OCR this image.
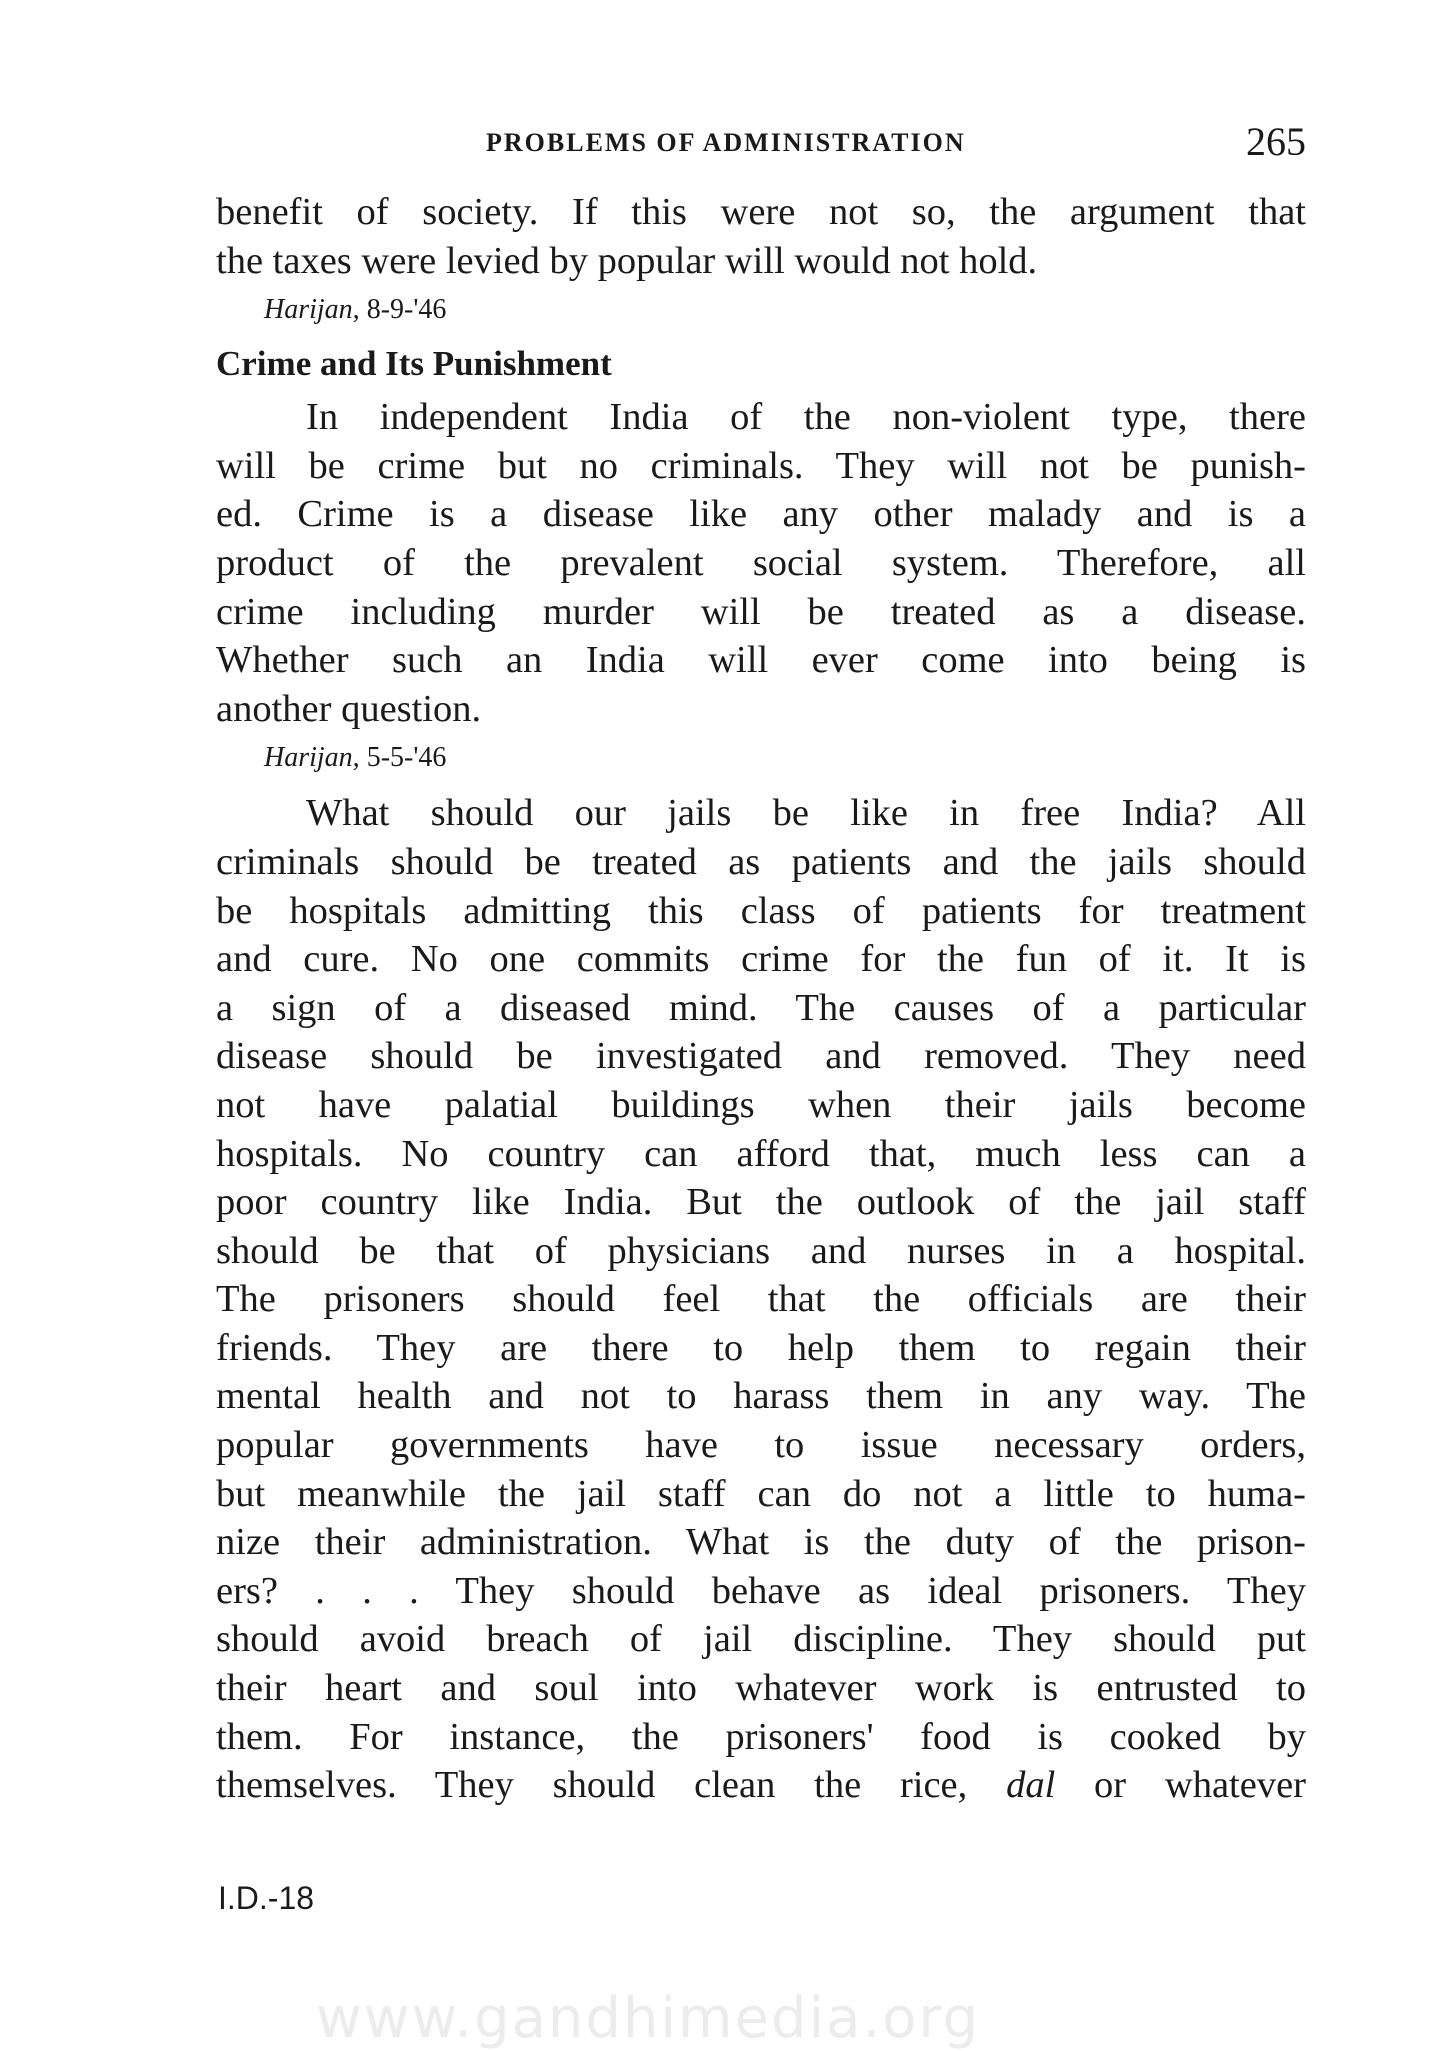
PROBLEMS OF ADMINISTRATION	265
benefit of society. If this were not so, the argument that
the taxes were levied by popular will would not hold.
Harijan, 8-9-'46
Crime and Its Punishment
In independent India of the non-violent type, there
will be crime but no criminals. They will not be punish-
ed. Crime is a disease like any other malady and is a
product of the prevalent social system. Therefore, all
crime including murder will be treated as a disease.
Whether such an India will ever come into being is
another question.
Harijan, 5-5-'46
What should our jails be like in free India? All
criminals should be treated as patients and the jails should
be hospitals admitting this class of patients for treatment
and cure. No one commits crime for the fun of it. It is
a sign of a diseased mind. The causes of a particular
disease should be investigated and removed. They need
not have palatial buildings when their jails become
hospitals. No country can afford that, much less can a
poor country like India. But the outlook of the jail staff
should be that of physicians and nurses in a hospital.
The prisoners should feel that the officials are their
friends. They are there to help them to regain their
mental health and not to harass them in any way. The
popular governments have to issue necessary orders,
but meanwhile the jail staff can do not a little to huma-
nize their administration. What is the duty of the prison-
ers? . . . They should behave as ideal prisoners. They
should avoid breach of jail discipline. They should put
their heart and soul into whatever work is entrusted to
them. For instance, the prisoners' food is cooked by
themselves. They should clean the rice, dal or whatever
I.D.-18
www.gandhimedia.org
